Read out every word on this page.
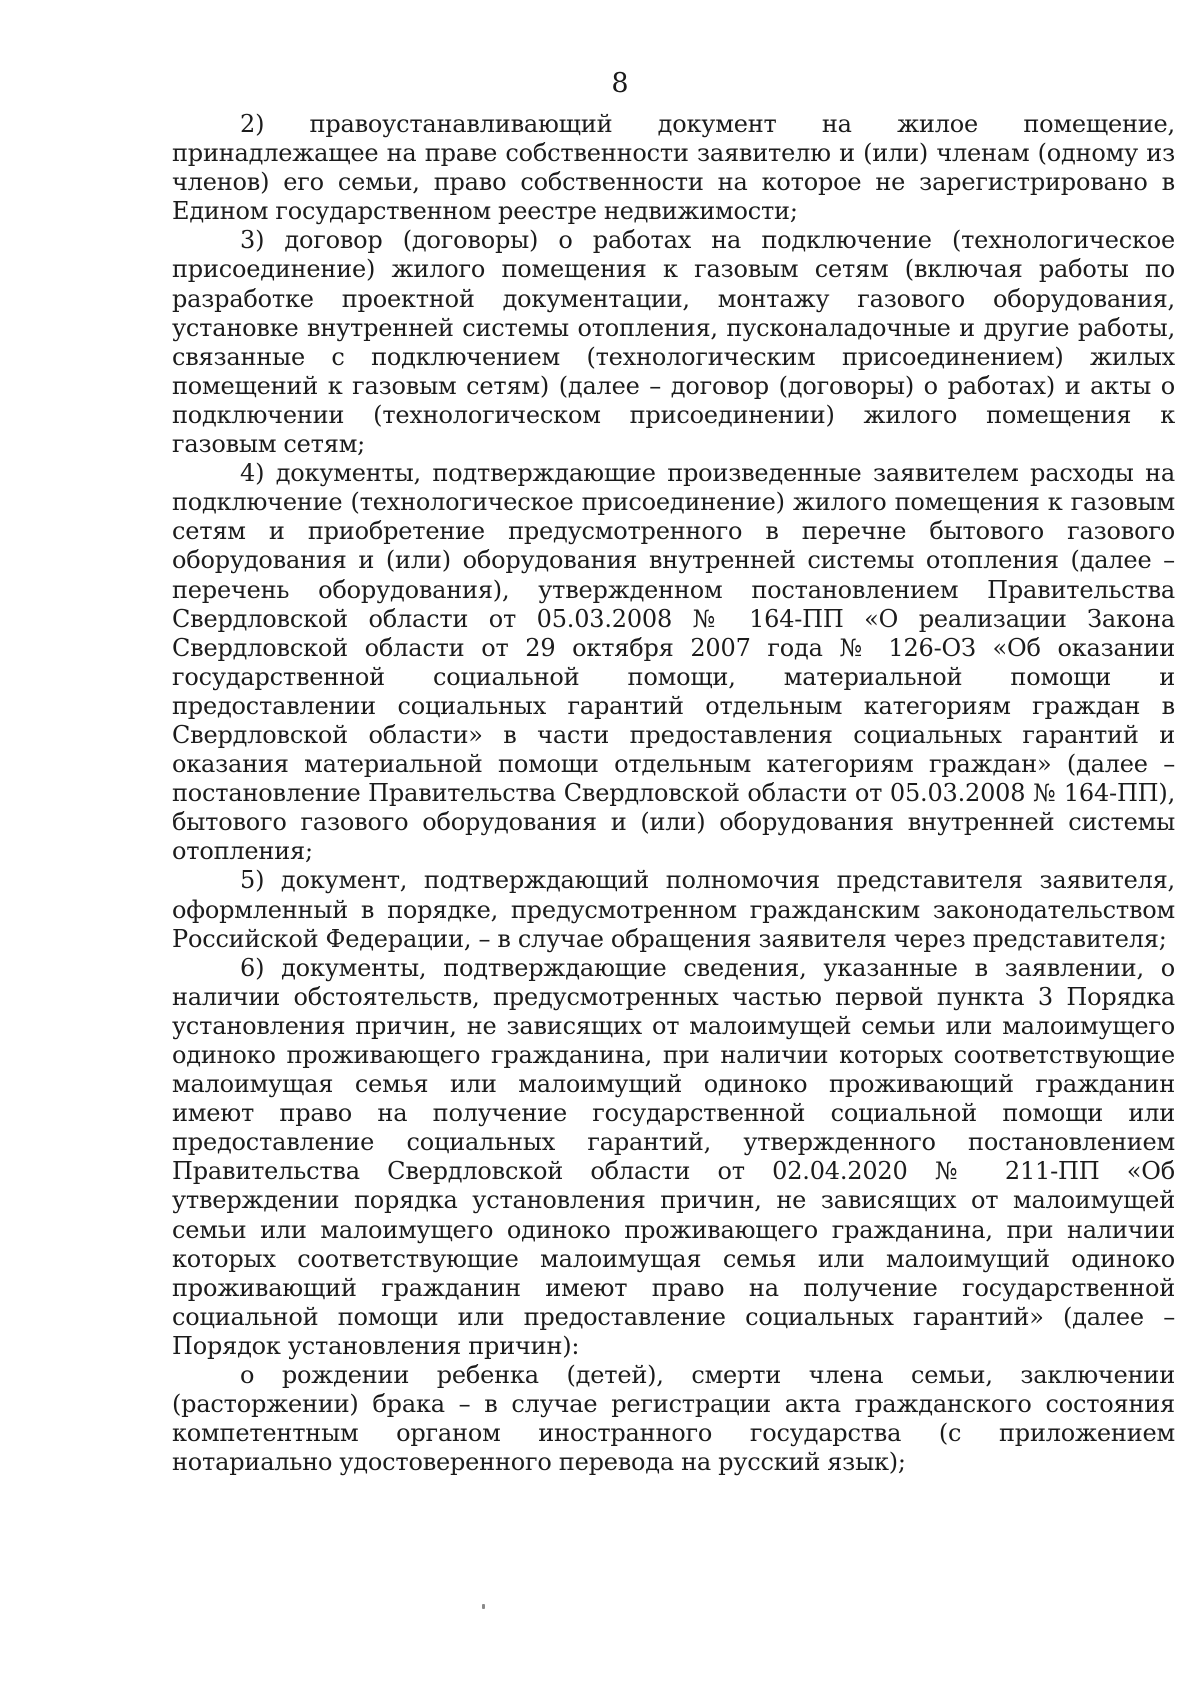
8

2) правоустанавливающий документ на жилое помещение, принадлежащее на праве собственности заявителю и (или) членам (одному из членов) его семьи, право собственности на которое не зарегистрировано в Едином государственном реестре недвижимости;

3) договор (договоры) о работах на подключение (технологическое присоединение) жилого помещения к газовым сетям (включая работы по разработке проектной документации, монтажу газового оборудования, установке внутренней системы отопления, пусконаладочные и другие работы, связанные с подключением (технологическим присоединением) жилых помещений к газовым сетям) (далее – договор (договоры) о работах) и акты о подключении (технологическом присоединении) жилого помещения к газовым сетям;

4) документы, подтверждающие произведенные заявителем расходы на подключение (технологическое присоединение) жилого помещения к газовым сетям и приобретение предусмотренного в перечне бытового газового оборудования и (или) оборудования внутренней системы отопления (далее – перечень оборудования), утвержденном постановлением Правительства Свердловской области от 05.03.2008 № 164-ПП «О реализации Закона Свердловской области от 29 октября 2007 года № 126-ОЗ «Об оказании государственной социальной помощи, материальной помощи и предоставлении социальных гарантий отдельным категориям граждан в Свердловской области» в части предоставления социальных гарантий и оказания материальной помощи отдельным категориям граждан» (далее – постановление Правительства Свердловской области от 05.03.2008 № 164-ПП), бытового газового оборудования и (или) оборудования внутренней системы отопления;

5) документ, подтверждающий полномочия представителя заявителя, оформленный в порядке, предусмотренном гражданским законодательством Российской Федерации, – в случае обращения заявителя через представителя;

6) документы, подтверждающие сведения, указанные в заявлении, о наличии обстоятельств, предусмотренных частью первой пункта 3 Порядка установления причин, не зависящих от малоимущей семьи или малоимущего одиноко проживающего гражданина, при наличии которых соответствующие малоимущая семья или малоимущий одиноко проживающий гражданин имеют право на получение государственной социальной помощи или предоставление социальных гарантий, утвержденного постановлением Правительства Свердловской области от 02.04.2020 № 211-ПП «Об утверждении порядка установления причин, не зависящих от малоимущей семьи или малоимущего одиноко проживающего гражданина, при наличии которых соответствующие малоимущая семья или малоимущий одиноко проживающий гражданин имеют право на получение государственной социальной помощи или предоставление социальных гарантий» (далее – Порядок установления причин):

о рождении ребенка (детей), смерти члена семьи, заключении (расторжении) брака – в случае регистрации акта гражданского состояния компетентным органом иностранного государства (с приложением нотариально удостоверенного перевода на русский язык);
